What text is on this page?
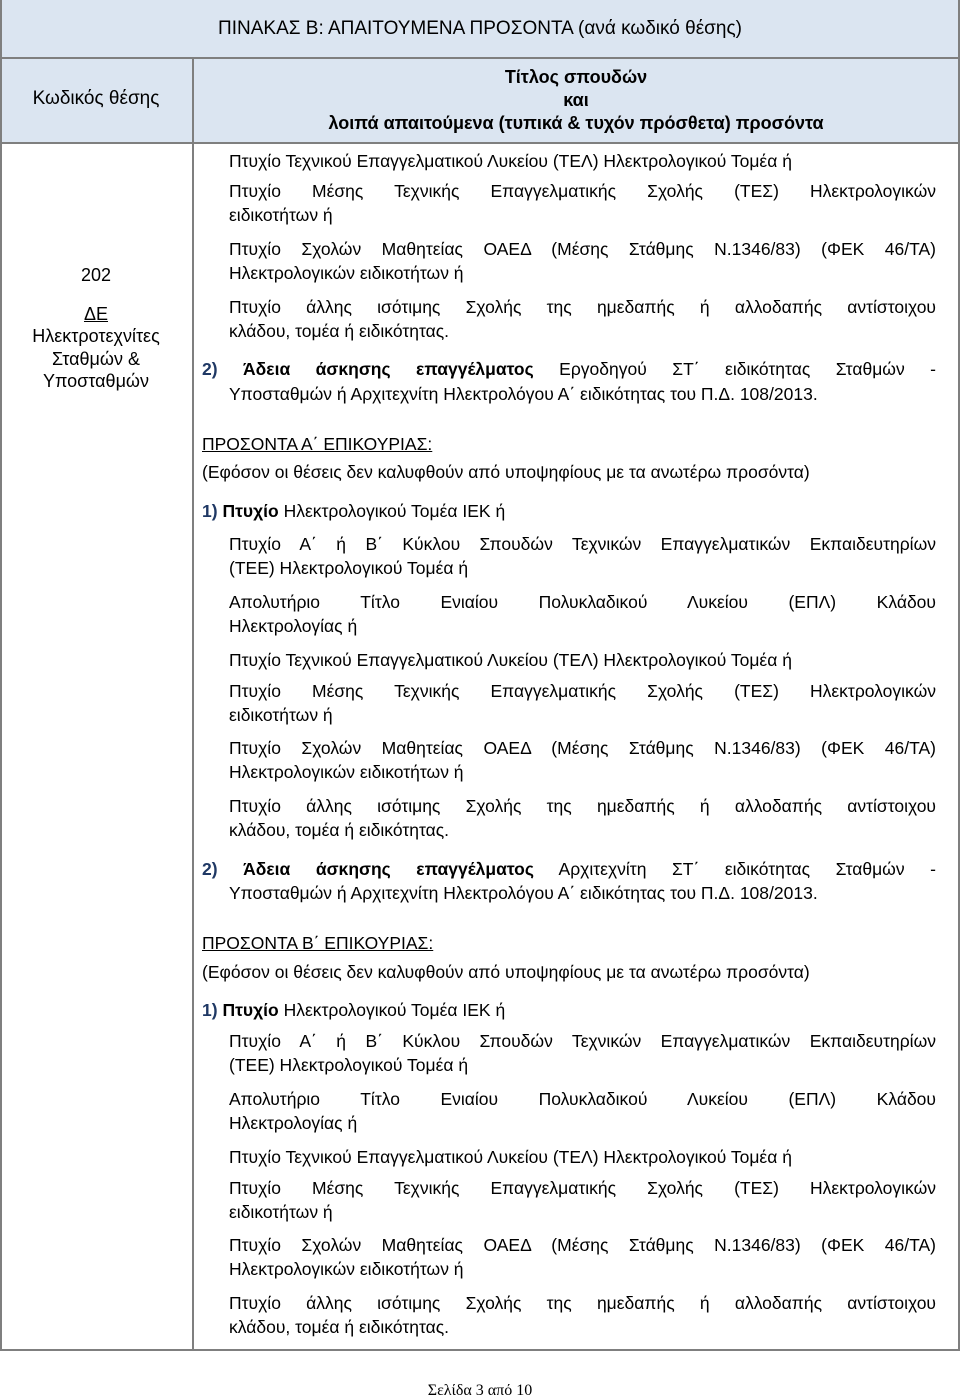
ΠΙΝΑΚΑΣ Β: ΑΠΑΙΤΟΥΜΕΝΑ ΠΡΟΣΟΝΤΑ (ανά κωδικό θέσης)
Κωδικός θέσης
Τίτλος σπουδών
και
λοιπά απαιτούμενα (τυπικά & τυχόν πρόσθετα) προσόντα
202
ΔΕ
Ηλεκτροτεχνίτες
Σταθμών &
Υποσταθμών
Πτυχίο Τεχνικού Επαγγελματικού Λυκείου (ΤΕΛ) Ηλεκτρολογικού Τομέα ή
Πτυχίο Μέσης Τεχνικής Επαγγελματικής Σχολής (ΤΕΣ) Ηλεκτρολογικών
ειδικοτήτων ή
Πτυχίο Σχολών Μαθητείας ΟΑΕΔ (Μέσης Στάθμης Ν.1346/83) (ΦΕΚ 46/ΤΑ)
Ηλεκτρολογικών ειδικοτήτων ή
Πτυχίο άλλης ισότιμης Σχολής της ημεδαπής ή αλλοδαπής αντίστοιχου
κλάδου, τομέα ή ειδικότητας.
2) Άδεια άσκησης επαγγέλματος Εργοδηγού ΣΤ΄ ειδικότητας Σταθμών -
Υποσταθμών ή Αρχιτεχνίτη Ηλεκτρολόγου Α΄ ειδικότητας του Π.Δ. 108/2013.
ΠΡΟΣΟΝΤΑ Α΄ ΕΠΙΚΟΥΡΙΑΣ:
(Εφόσον οι θέσεις δεν καλυφθούν από υποψηφίους με τα ανωτέρω προσόντα)
1) Πτυχίο Ηλεκτρολογικού Τομέα ΙΕΚ ή
Πτυχίο Α΄ ή Β΄ Κύκλου Σπουδών Τεχνικών Επαγγελματικών Εκπαιδευτηρίων
(ΤΕΕ) Ηλεκτρολογικού Τομέα ή
Απολυτήριο Τίτλο Ενιαίου Πολυκλαδικού Λυκείου (ΕΠΛ) Κλάδου
Ηλεκτρολογίας ή
Πτυχίο Τεχνικού Επαγγελματικού Λυκείου (ΤΕΛ) Ηλεκτρολογικού Τομέα ή
Πτυχίο Μέσης Τεχνικής Επαγγελματικής Σχολής (ΤΕΣ) Ηλεκτρολογικών
ειδικοτήτων ή
Πτυχίο Σχολών Μαθητείας ΟΑΕΔ (Μέσης Στάθμης Ν.1346/83) (ΦΕΚ 46/ΤΑ)
Ηλεκτρολογικών ειδικοτήτων ή
Πτυχίο άλλης ισότιμης Σχολής της ημεδαπής ή αλλοδαπής αντίστοιχου
κλάδου, τομέα ή ειδικότητας.
2) Άδεια άσκησης επαγγέλματος Αρχιτεχνίτη ΣΤ΄ ειδικότητας Σταθμών -
Υποσταθμών ή Αρχιτεχνίτη Ηλεκτρολόγου Α΄ ειδικότητας του Π.Δ. 108/2013.
ΠΡΟΣΟΝΤΑ Β΄ ΕΠΙΚΟΥΡΙΑΣ:
(Εφόσον οι θέσεις δεν καλυφθούν από υποψηφίους με τα ανωτέρω προσόντα)
1) Πτυχίο Ηλεκτρολογικού Τομέα ΙΕΚ ή
Πτυχίο Α΄ ή Β΄ Κύκλου Σπουδών Τεχνικών Επαγγελματικών Εκπαιδευτηρίων
(ΤΕΕ) Ηλεκτρολογικού Τομέα ή
Απολυτήριο Τίτλο Ενιαίου Πολυκλαδικού Λυκείου (ΕΠΛ) Κλάδου
Ηλεκτρολογίας ή
Πτυχίο Τεχνικού Επαγγελματικού Λυκείου (ΤΕΛ) Ηλεκτρολογικού Τομέα ή
Πτυχίο Μέσης Τεχνικής Επαγγελματικής Σχολής (ΤΕΣ) Ηλεκτρολογικών
ειδικοτήτων ή
Πτυχίο Σχολών Μαθητείας ΟΑΕΔ (Μέσης Στάθμης Ν.1346/83) (ΦΕΚ 46/ΤΑ)
Ηλεκτρολογικών ειδικοτήτων ή
Πτυχίο άλλης ισότιμης Σχολής της ημεδαπής ή αλλοδαπής αντίστοιχου
κλάδου, τομέα ή ειδικότητας.
Σελίδα 3 από 10
